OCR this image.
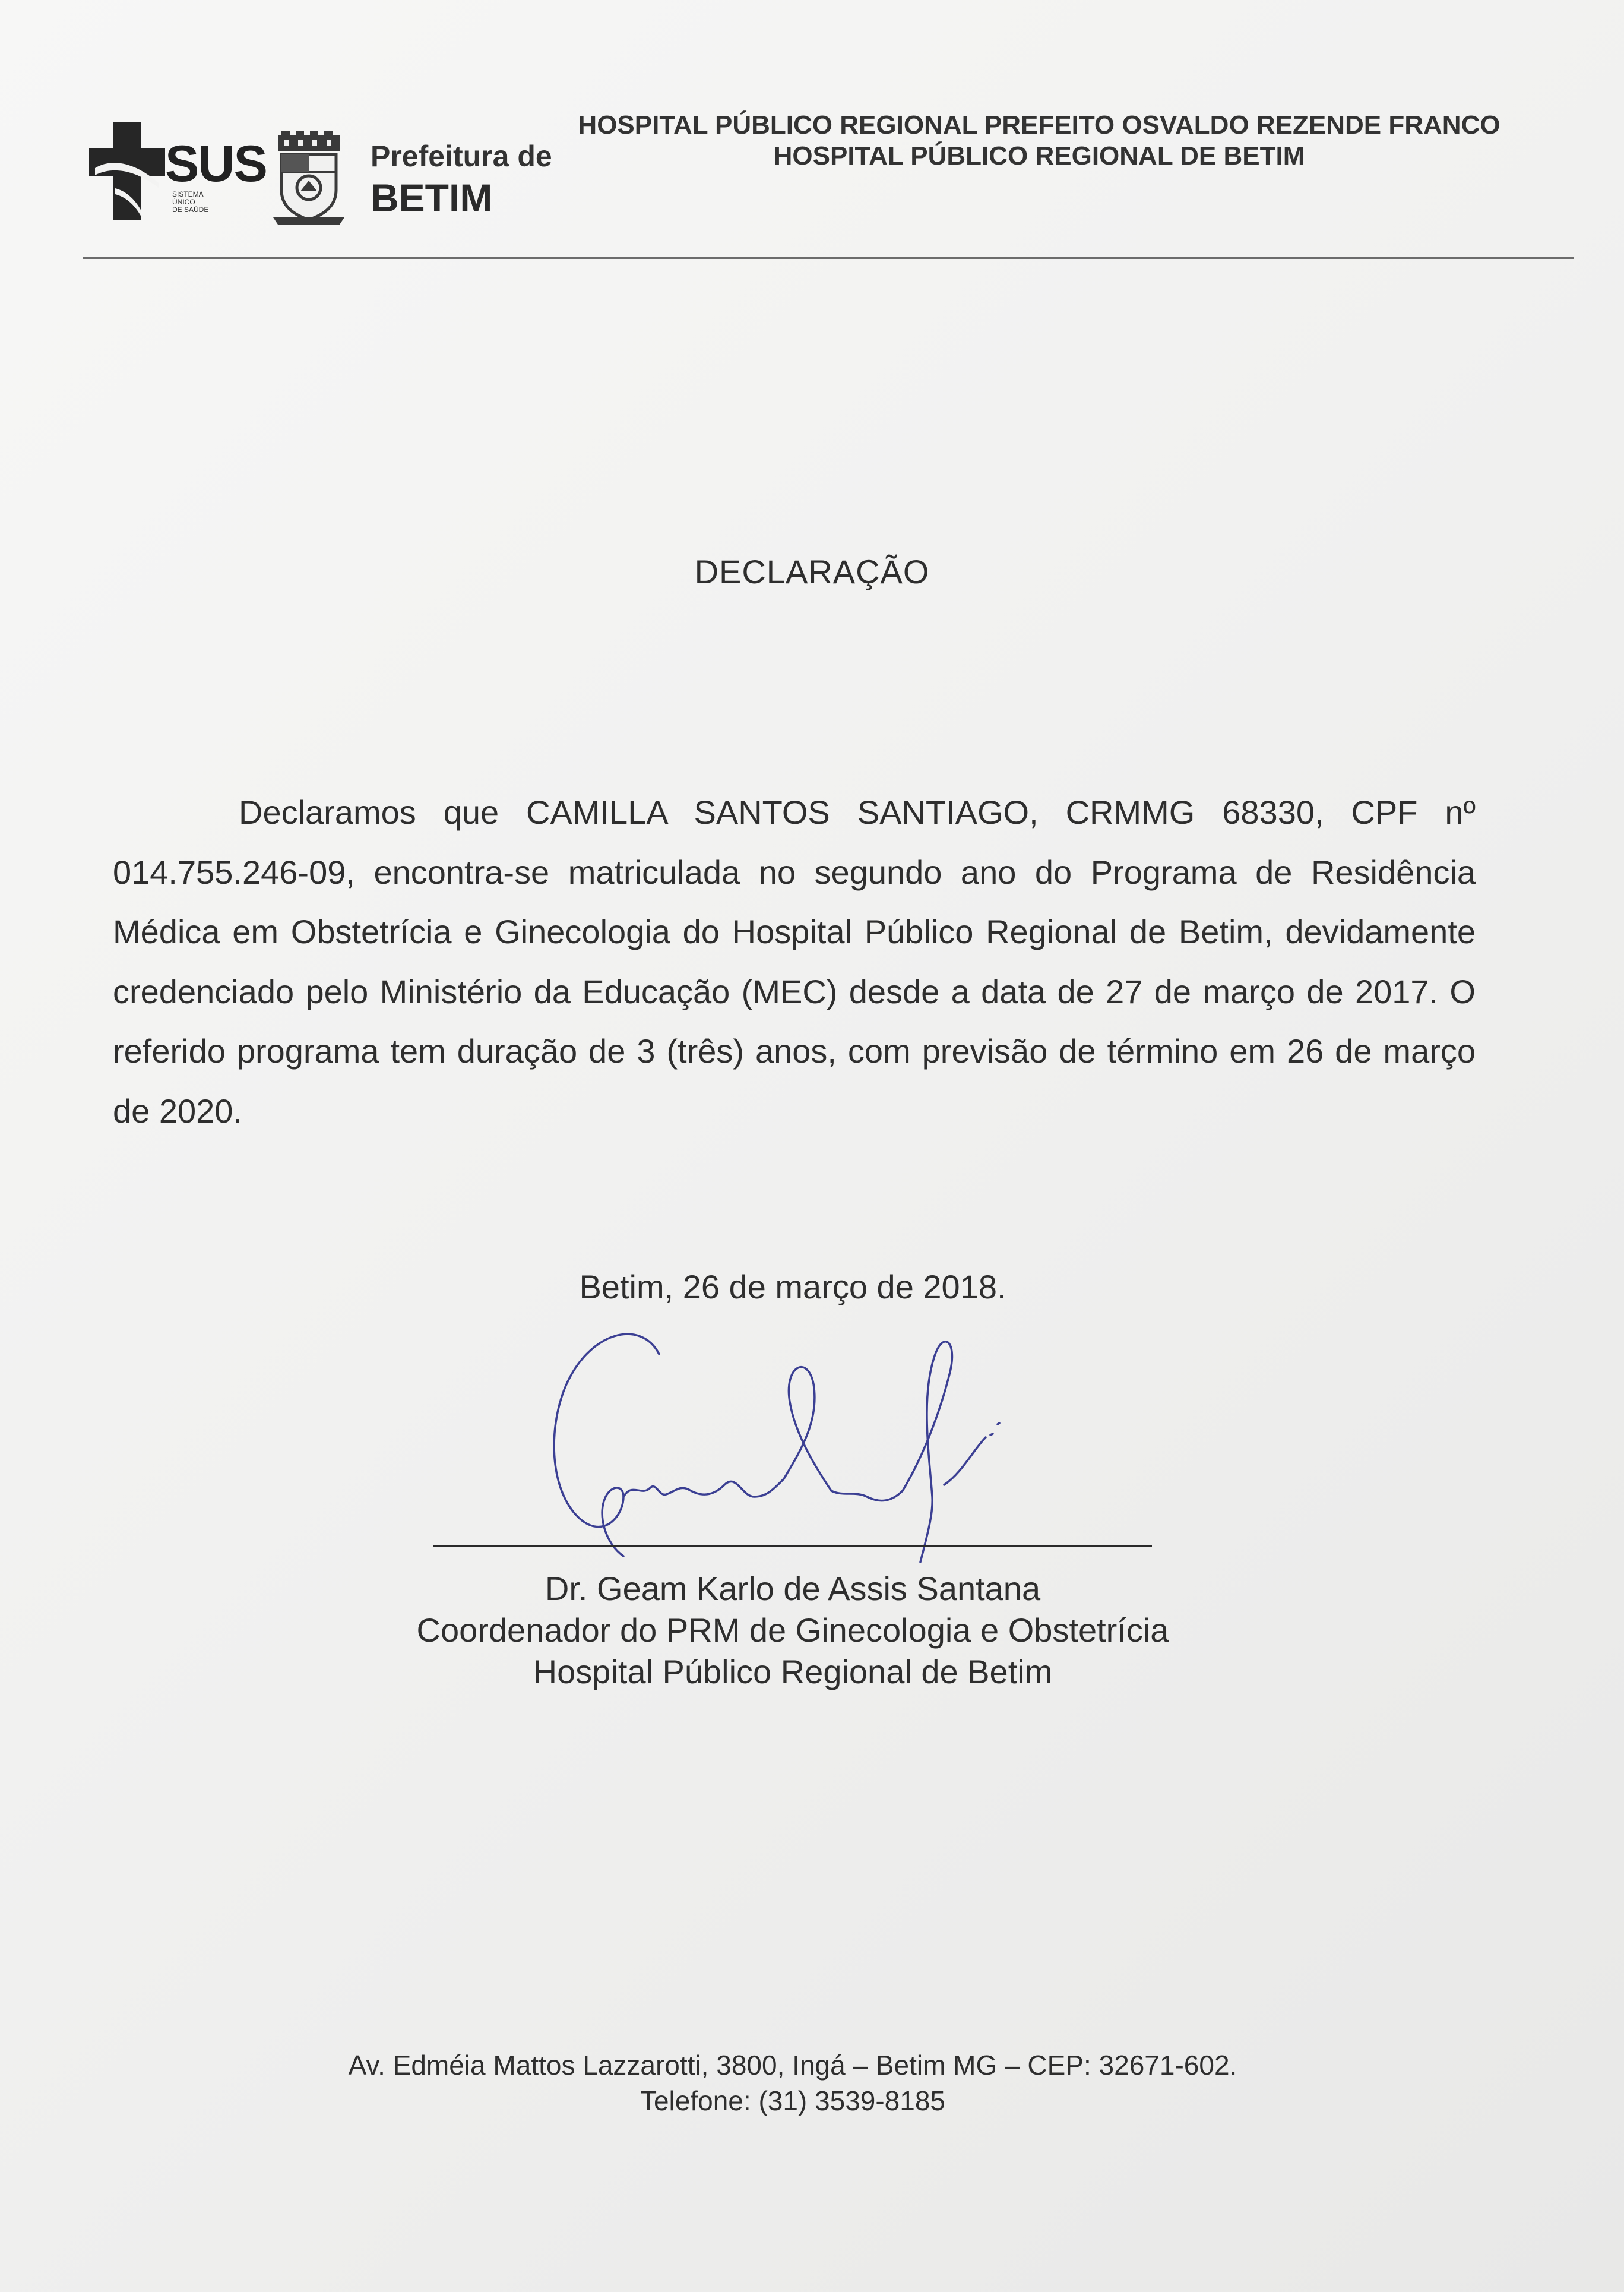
SUS
SISTEMA
ÚNICO
DE SAÚDE
Prefeitura de
BETIM
HOSPITAL PÚBLICO REGIONAL PREFEITO OSVALDO REZENDE FRANCO
HOSPITAL PÚBLICO REGIONAL DE BETIM
DECLARAÇÃO

Declaramos que CAMILLA SANTOS SANTIAGO, CRMMG 68330, CPF nº 014.755.246-09, encontra-se matriculada no segundo ano do Programa de Residência Médica em Obstetrícia e Ginecologia do Hospital Público Regional de Betim, devidamente credenciado pelo Ministério da Educação (MEC) desde a data de 27 de março de 2017. O referido programa tem duração de 3 (três) anos, com previsão de término em 26 de março de 2020.

Betim, 26 de março de 2018.
Dr. Geam Karlo de Assis Santana
Coordenador do PRM de Ginecologia e Obstetrícia
Hospital Público Regional de Betim
Av. Edméia Mattos Lazzarotti, 3800, Ingá – Betim MG – CEP: 32671-602.
Telefone: (31) 3539-8185
